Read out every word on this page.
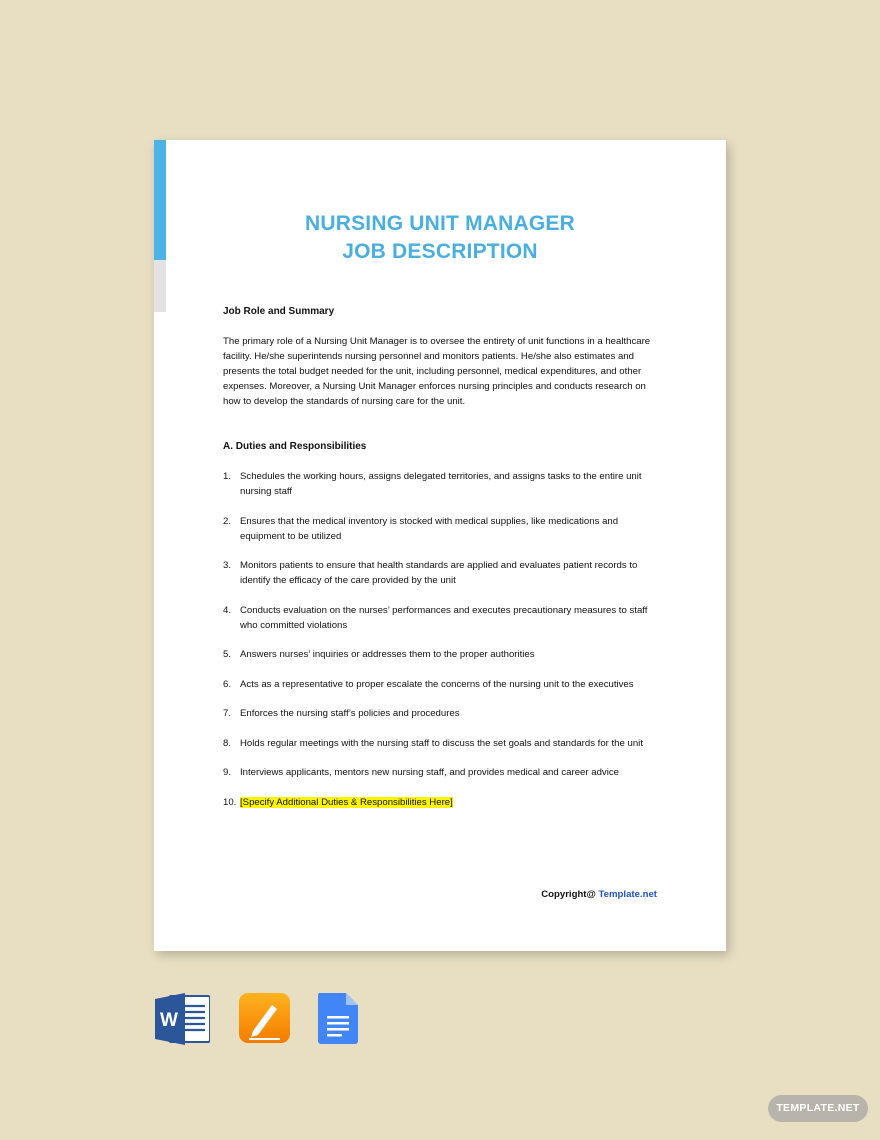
NURSING UNIT MANAGER
JOB DESCRIPTION

Job Role and Summary

The primary role of a Nursing Unit Manager is to oversee the entirety of unit functions in a healthcare facility. He/she superintends nursing personnel and monitors patients. He/she also estimates and presents the total budget needed for the unit, including personnel, medical expenditures, and other expenses. Moreover, a Nursing Unit Manager enforces nursing principles and conducts research on how to develop the standards of nursing care for the unit.

A. Duties and Responsibilities

1. Schedules the working hours, assigns delegated territories, and assigns tasks to the entire unit nursing staff
2. Ensures that the medical inventory is stocked with medical supplies, like medications and equipment to be utilized
3. Monitors patients to ensure that health standards are applied and evaluates patient records to identify the efficacy of the care provided by the unit
4. Conducts evaluation on the nurses’ performances and executes precautionary measures to staff who committed violations
5. Answers nurses’ inquiries or addresses them to the proper authorities
6. Acts as a representative to proper escalate the concerns of the nursing unit to the executives
7. Enforces the nursing staff’s policies and procedures
8. Holds regular meetings with the nursing staff to discuss the set goals and standards for the unit
9. Interviews applicants, mentors new nursing staff, and provides medical and career advice
10. [Specify Additional Duties & Responsibilities Here]
Copyright@ Template.net
W
TEMPLATE.NET
